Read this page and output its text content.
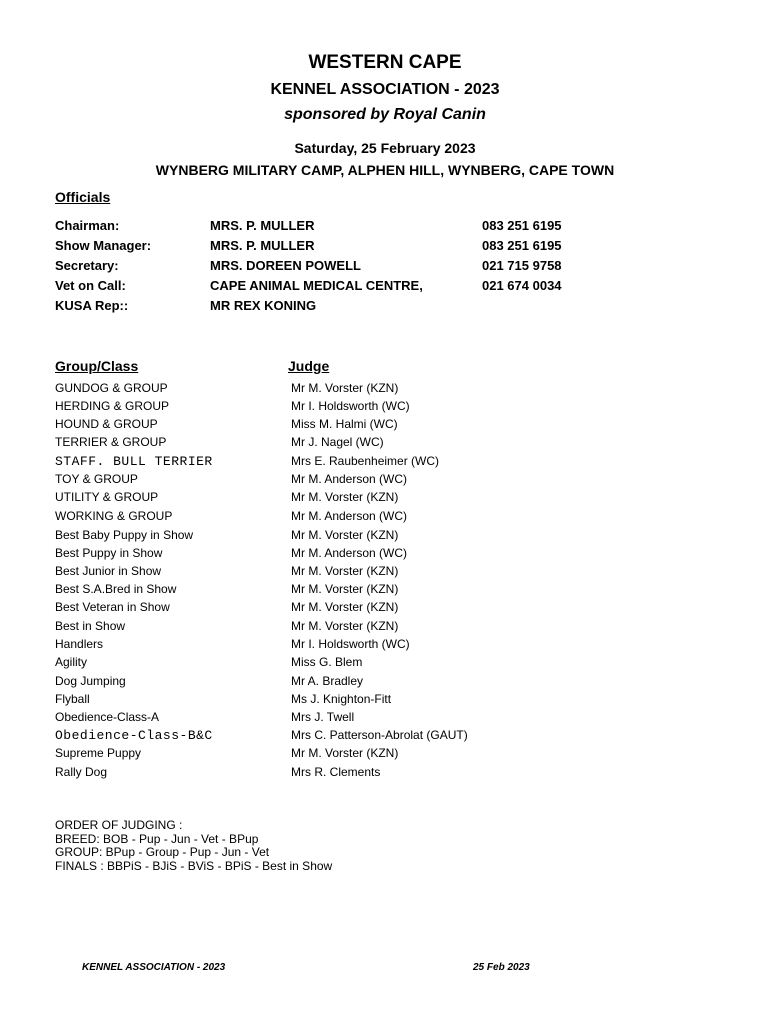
WESTERN CAPE
KENNEL ASSOCIATION - 2023
sponsored by Royal Canin
Saturday, 25 February 2023
WYNBERG MILITARY CAMP, ALPHEN HILL, WYNBERG, CAPE TOWN
Officials
Chairman:	MRS. P. MULLER	083 251 6195
Show Manager:	MRS. P. MULLER	083 251 6195
Secretary:	MRS. DOREEN POWELL	021 715 9758
Vet on Call:	CAPE ANIMAL MEDICAL CENTRE,	021 674 0034
KUSA Rep::	MR REX KONING
Group/Class	Judge
GUNDOG & GROUP	Mr M. Vorster (KZN)
HERDING & GROUP	Mr I. Holdsworth (WC)
HOUND & GROUP	Miss M. Halmi (WC)
TERRIER & GROUP	Mr J. Nagel (WC)
STAFF. BULL TERRIER	Mrs E. Raubenheimer (WC)
TOY & GROUP	Mr M. Anderson (WC)
UTILITY & GROUP	Mr M. Vorster (KZN)
WORKING & GROUP	Mr M. Anderson (WC)
Best Baby Puppy in Show	Mr M. Vorster (KZN)
Best Puppy in Show	Mr M. Anderson (WC)
Best Junior in Show	Mr M. Vorster (KZN)
Best S.A.Bred in Show	Mr M. Vorster (KZN)
Best Veteran in Show	Mr M. Vorster (KZN)
Best in Show	Mr M. Vorster (KZN)
Handlers	Mr I. Holdsworth (WC)
Agility	Miss G. Blem
Dog Jumping	Mr A. Bradley
Flyball	Ms J. Knighton-Fitt
Obedience-Class-A	Mrs J. Twell
Obedience-Class-B&C	Mrs C. Patterson-Abrolat (GAUT)
Supreme Puppy	Mr M. Vorster (KZN)
Rally Dog	Mrs R. Clements
ORDER OF JUDGING :
BREED: BOB - Pup - Jun - Vet - BPup
GROUP: BPup - Group - Pup - Jun - Vet
FINALS : BBPiS - BJiS - BViS - BPiS - Best in Show
KENNEL ASSOCIATION - 2023	25 Feb 2023
